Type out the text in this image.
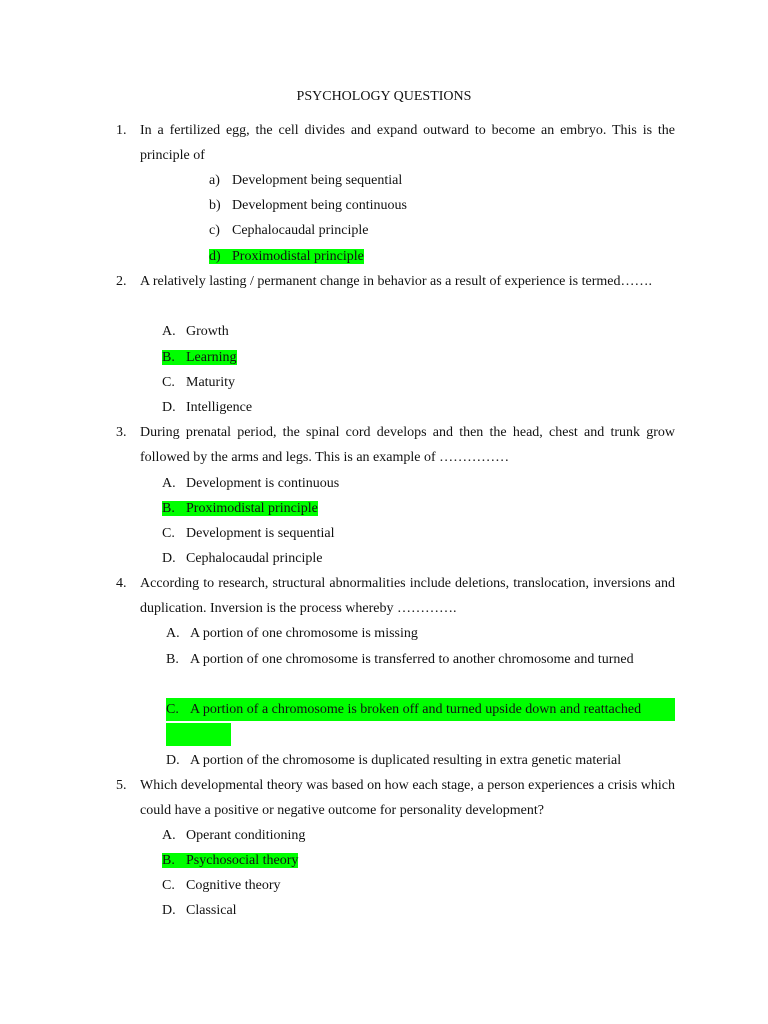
PSYCHOLOGY QUESTIONS
1. In a fertilized egg, the cell divides and expand outward to become an embryo. This is the principle of
a) Development being sequential
b) Development being continuous
c) Cephalocaudal principle
d) Proximodistal principle
2. A relatively lasting / permanent change in behavior as a result of experience is termed…….
A. Growth
B. Learning
C. Maturity
D. Intelligence
3. During prenatal period, the spinal cord develops and then the head, chest and trunk grow followed by the arms and legs. This is an example of ……………
A. Development is continuous
B. Proximodistal principle
C. Development is sequential
D. Cephalocaudal principle
4. According to research, structural abnormalities include deletions, translocation, inversions and duplication. Inversion is the process whereby ………….
A. A portion of one chromosome is missing
B. A portion of one chromosome is transferred to another chromosome and turned
C. A portion of a chromosome is broken off and turned upside down and reattached
D. A portion of the chromosome is duplicated resulting in extra genetic material
5. Which developmental theory was based on how each stage, a person experiences a crisis which could have a positive or negative outcome for personality development?
A. Operant conditioning
B. Psychosocial theory
C. Cognitive theory
D. Classical
